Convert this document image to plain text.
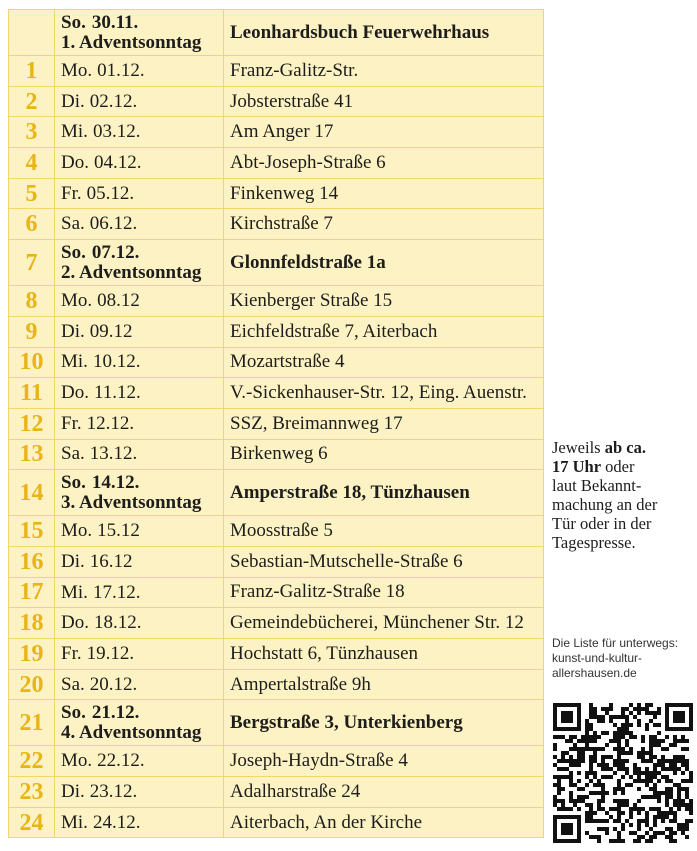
	So. 30.11.
1. Adventsonntag	Leonhardsbuch Feuerwehrhaus
1	Mo. 01.12.	Franz-Galitz-Str.
2	Di. 02.12.	Jobsterstraße 41
3	Mi. 03.12.	Am Anger 17
4	Do. 04.12.	Abt-Joseph-Straße 6
5	Fr. 05.12.	Finkenweg 14
6	Sa. 06.12.	Kirchstraße 7
7	So. 07.12.
2. Adventsonntag	Glonnfeldstraße 1a
8	Mo. 08.12	Kienberger Straße 15
9	Di. 09.12	Eichfeldstraße 7, Aiterbach
10	Mi. 10.12.	Mozartstraße 4
11	Do. 11.12.	V.-Sickenhauser-Str. 12, Eing. Auenstr.
12	Fr. 12.12.	SSZ, Breimannweg 17
13	Sa. 13.12.	Birkenweg 6
14	So. 14.12.
3. Adventsonntag	Amperstraße 18, Tünzhausen
15	Mo. 15.12	Moosstraße 5
16	Di. 16.12	Sebastian-Mutschelle-Straße 6
17	Mi. 17.12.	Franz-Galitz-Straße 18
18	Do. 18.12.	Gemeindebücherei, Münchener Str. 12
19	Fr. 19.12.	Hochstatt 6, Tünzhausen
20	Sa. 20.12.	Ampertalstraße 9h
21	So. 21.12.
4. Adventsonntag	Bergstraße 3, Unterkienberg
22	Mo. 22.12.	Joseph-Haydn-Straße 4
23	Di. 23.12.	Adalharstraße 24
24	Mi. 24.12.	Aiterbach, An der Kirche
Jeweils ab ca.
17 Uhr oder
laut Bekannt-
machung an der
Tür oder in der
Tagespresse.
Die Liste für unterwegs:
kunst-und-kultur-
allershausen.de
